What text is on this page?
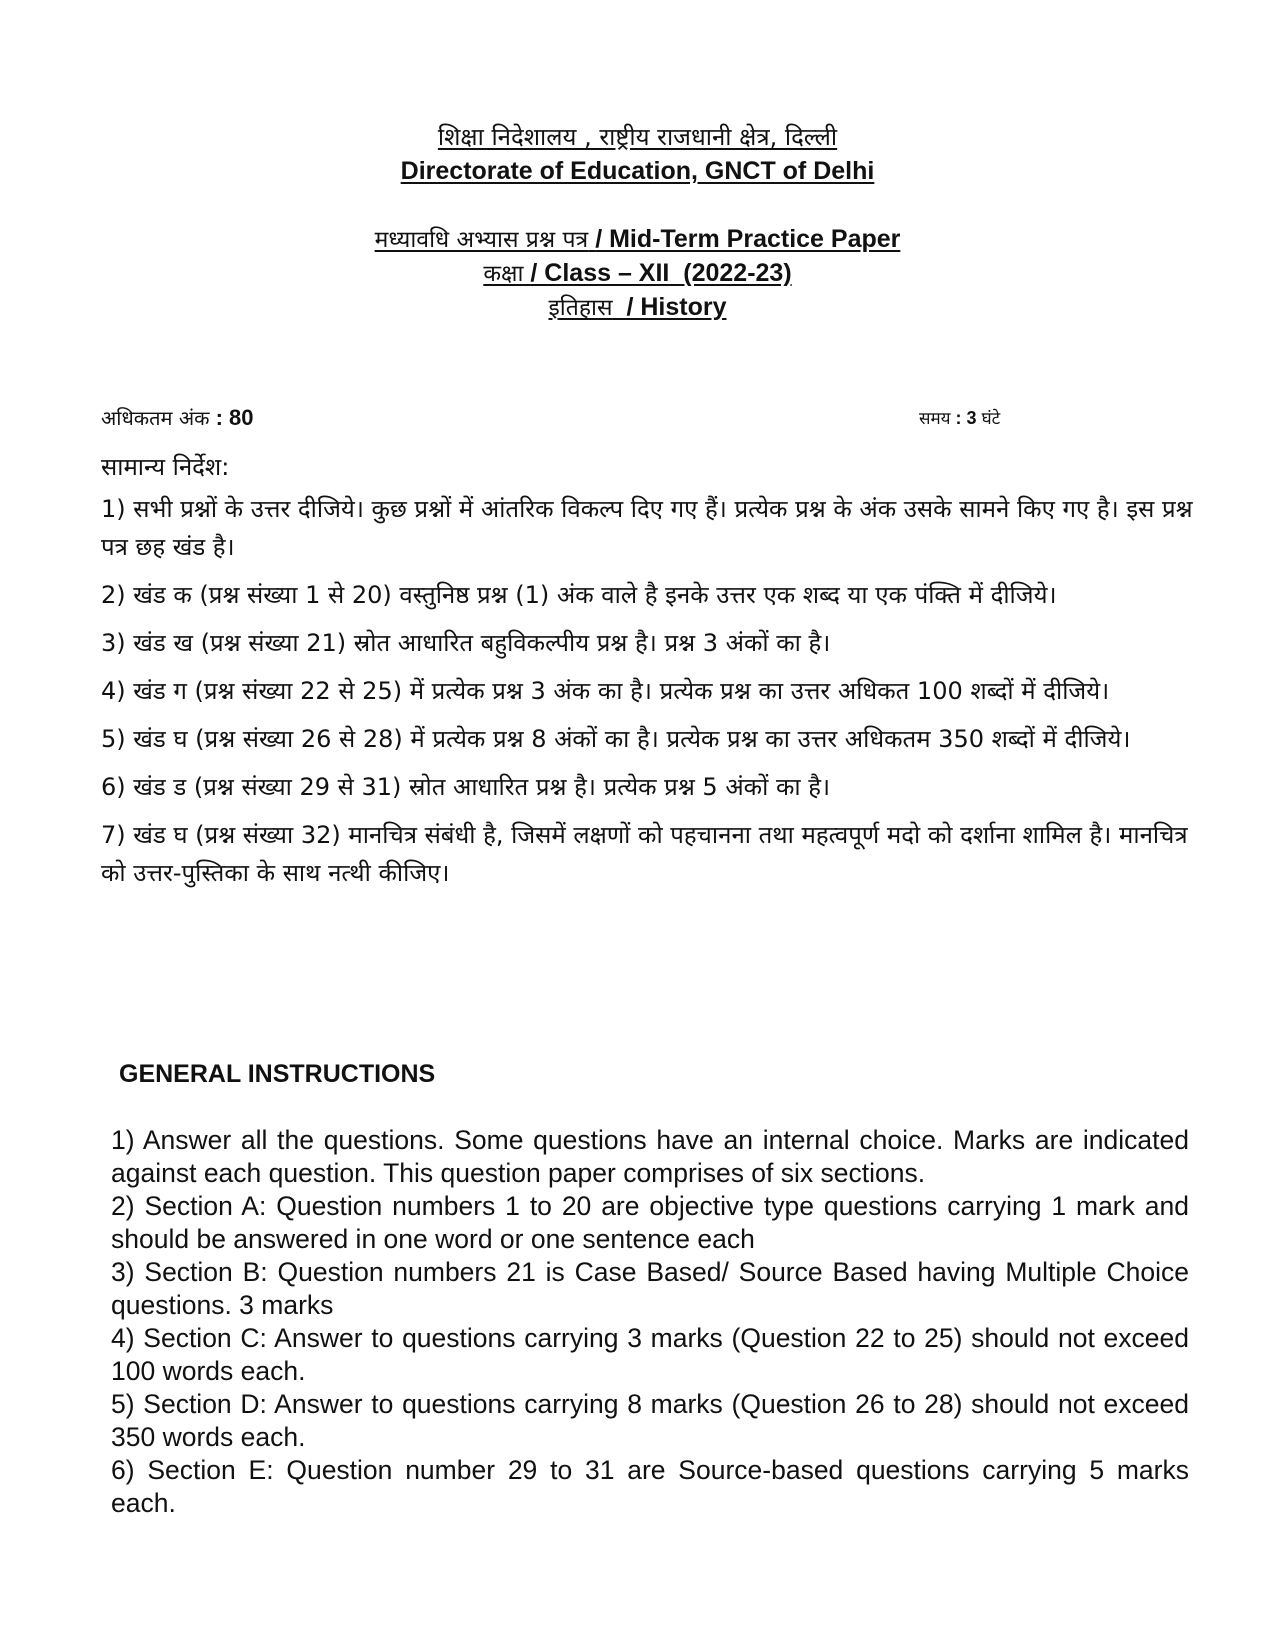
शिक्षा निदेशालय , राष्ट्रीय राजधानी क्षेत्र, दिल्ली
Directorate of Education, GNCT of Delhi
मध्यावधि अभ्यास प्रश्न पत्र / Mid-Term Practice Paper
कक्षा / Class – XII  (2022-23)
इतिहास  / History
अधिकतम अंक : 80	समय : 3 घंटे

सामान्य निर्देश:

1) सभी प्रश्नों के उत्तर दीजिये। कुछ प्रश्नों में आंतरिक विकल्प दिए गए हैं। प्रत्येक प्रश्न के अंक उसके सामने किए गए है। इस प्रश्न पत्र छह खंड है।

2) खंड क (प्रश्न संख्या 1 से 20) वस्तुनिष्ठ प्रश्न (1) अंक वाले है इनके उत्तर एक शब्द या एक पंक्ति में दीजिये।

3) खंड ख (प्रश्न संख्या 21) स्रोत आधारित बहुविकल्पीय प्रश्न है। प्रश्न 3 अंकों का है।

4) खंड ग (प्रश्न संख्या 22 से 25) में प्रत्येक प्रश्न 3 अंक का है। प्रत्येक प्रश्न का उत्तर अधिकत 100 शब्दों में दीजिये।

5) खंड घ (प्रश्न संख्या 26 से 28) में प्रत्येक प्रश्न 8 अंकों का है। प्रत्येक प्रश्न का उत्तर अधिकतम 350 शब्दों में दीजिये।

6) खंड ड (प्रश्न संख्या 29 से 31) स्रोत आधारित प्रश्न है। प्रत्येक प्रश्न 5 अंकों का है।

7) खंड घ (प्रश्न संख्या 32) मानचित्र संबंधी है, जिसमें लक्षणों को पहचानना तथा महत्वपूर्ण मदो को दर्शाना शामिल है। मानचित्र को उत्तर-पुस्तिका के साथ नत्थी कीजिए।

GENERAL INSTRUCTIONS

1) Answer all the questions. Some questions have an internal choice. Marks are indicated against each question. This question paper comprises of six sections.

2) Section A: Question numbers 1 to 20 are objective type questions carrying 1 mark and should be answered in one word or one sentence each

3) Section B: Question numbers 21 is Case Based/ Source Based having Multiple Choice questions. 3 marks

4) Section C: Answer to questions carrying 3 marks (Question 22 to 25) should not exceed 100 words each.

5) Section D: Answer to questions carrying 8 marks (Question 26 to 28) should not exceed 350 words each.

6) Section E: Question number 29 to 31 are Source-based questions carrying 5 marks each.
